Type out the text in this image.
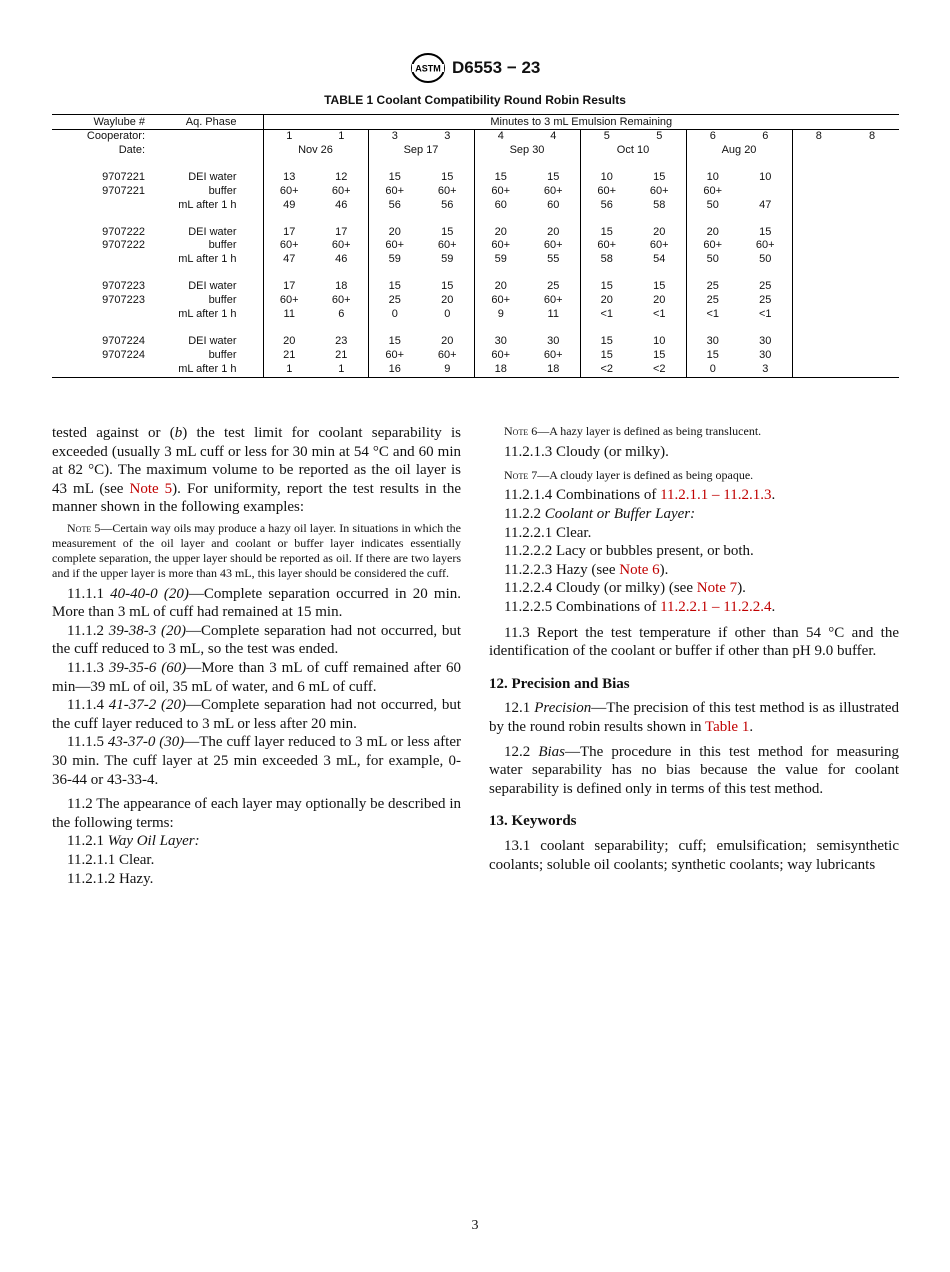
ASTM D6553 − 23
TABLE 1 Coolant Compatibility Round Robin Results
Waylube #	Aq. Phase	Minutes to 3 mL Emulsion Remaining											
Cooperator:		1	1	3	3	4	4	5	5	6	6	8	8
Date:		Nov 26		Sep 17		Sep 30		Oct 10		Aug 20			

9707221	DEI water	13	12	15	15	15	15	10	15	10	10		
9707221	buffer	60+	60+	60+	60+	60+	60+	60+	60+	60+			
	mL after 1 h	49	46	56	56	60	60	56	58	50	47		

9707222	DEI water	17	17	20	15	20	20	15	20	20	15		
9707222	buffer	60+	60+	60+	60+	60+	60+	60+	60+	60+	60+		
	mL after 1 h	47	46	59	59	59	55	58	54	50	50		

9707223	DEI water	17	18	15	15	20	25	15	15	25	25		
9707223	buffer	60+	60+	25	20	60+	60+	20	20	25	25		
	mL after 1 h	11	6	0	0	9	11	<1	<1	<1	<1		

9707224	DEI water	20	23	15	20	30	30	15	10	30	30		
9707224	buffer	21	21	60+	60+	60+	60+	15	15	15	30		
	mL after 1 h	1	1	16	9	18	18	<2	<2	0	3		

tested against or (b) the test limit for coolant separability is exceeded (usually 3 mL cuff or less for 30 min at 54 °C and 60 min at 82 °C). The maximum volume to be reported as the oil layer is 43 mL (see Note 5). For uniformity, report the test results in the manner shown in the following examples:

Note 5—Certain way oils may produce a hazy oil layer. In situations in which the measurement of the oil layer and coolant or buffer layer indicates essentially complete separation, the upper layer should be reported as oil. If there are two layers and if the upper layer is more than 43 mL, this layer should be considered the cuff.

11.1.1 40-40-0 (20)—Complete separation occurred in 20 min. More than 3 mL of cuff had remained at 15 min.

11.1.2 39-38-3 (20)—Complete separation had not occurred, but the cuff reduced to 3 mL, so the test was ended.

11.1.3 39-35-6 (60)—More than 3 mL of cuff remained after 60 min—39 mL of oil, 35 mL of water, and 6 mL of cuff.

11.1.4 41-37-2 (20)—Complete separation had not occurred, but the cuff layer reduced to 3 mL or less after 20 min.

11.1.5 43-37-0 (30)—The cuff layer reduced to 3 mL or less after 30 min. The cuff layer at 25 min exceeded 3 mL, for example, 0-36-44 or 43-33-4.

11.2 The appearance of each layer may optionally be described in the following terms:

11.2.1 Way Oil Layer:

11.2.1.1 Clear.

11.2.1.2 Hazy.

Note 6—A hazy layer is defined as being translucent.

11.2.1.3 Cloudy (or milky).

Note 7—A cloudy layer is defined as being opaque.

11.2.1.4 Combinations of 11.2.1.1 – 11.2.1.3.

11.2.2 Coolant or Buffer Layer:

11.2.2.1 Clear.

11.2.2.2 Lacy or bubbles present, or both.

11.2.2.3 Hazy (see Note 6).

11.2.2.4 Cloudy (or milky) (see Note 7).

11.2.2.5 Combinations of 11.2.2.1 – 11.2.2.4.

11.3 Report the test temperature if other than 54 °C and the identification of the coolant or buffer if other than pH 9.0 buffer.

12. Precision and Bias

12.1 Precision—The precision of this test method is as illustrated by the round robin results shown in Table 1.

12.2 Bias—The procedure in this test method for measuring water separability has no bias because the value for coolant separability is defined only in terms of this test method.

13. Keywords

13.1 coolant separability; cuff; emulsification; semisynthetic coolants; soluble oil coolants; synthetic coolants; way lubricants

3
